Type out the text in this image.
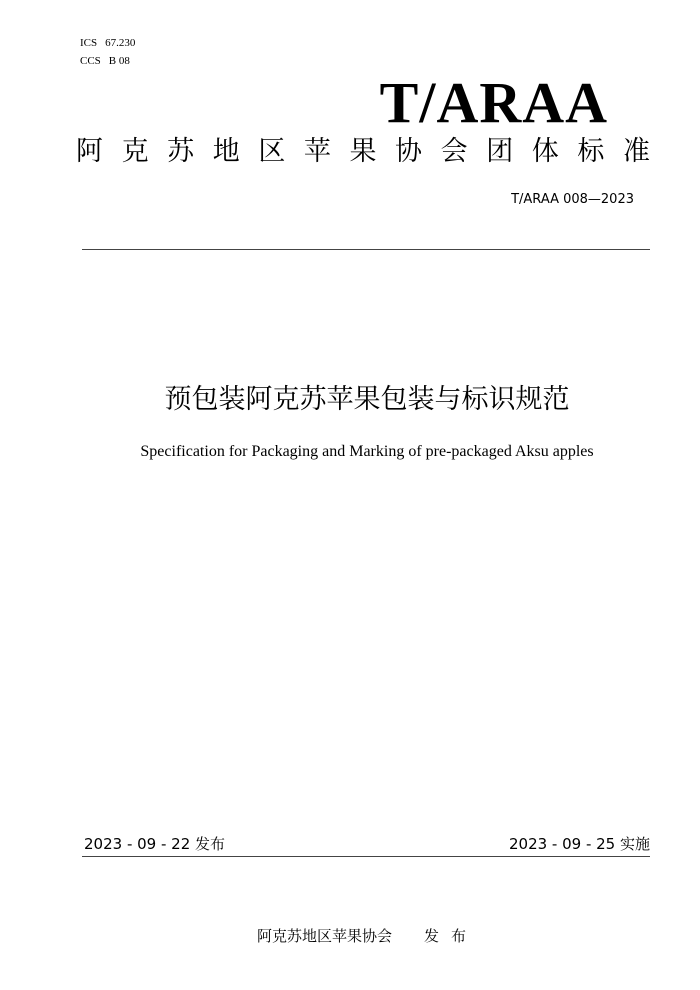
ICS 67.230
CCS B 08
T/ARAA
阿 克 苏 地 区 苹 果 协 会 团 体 标 准
T/ARAA 008—2023
预包装阿克苏苹果包装与标识规范
Specification for Packaging and Marking of pre-packaged Aksu apples
2023 - 09 - 22 发布	2023 - 09 - 25 实施

阿克苏地区苹果协会 发布
